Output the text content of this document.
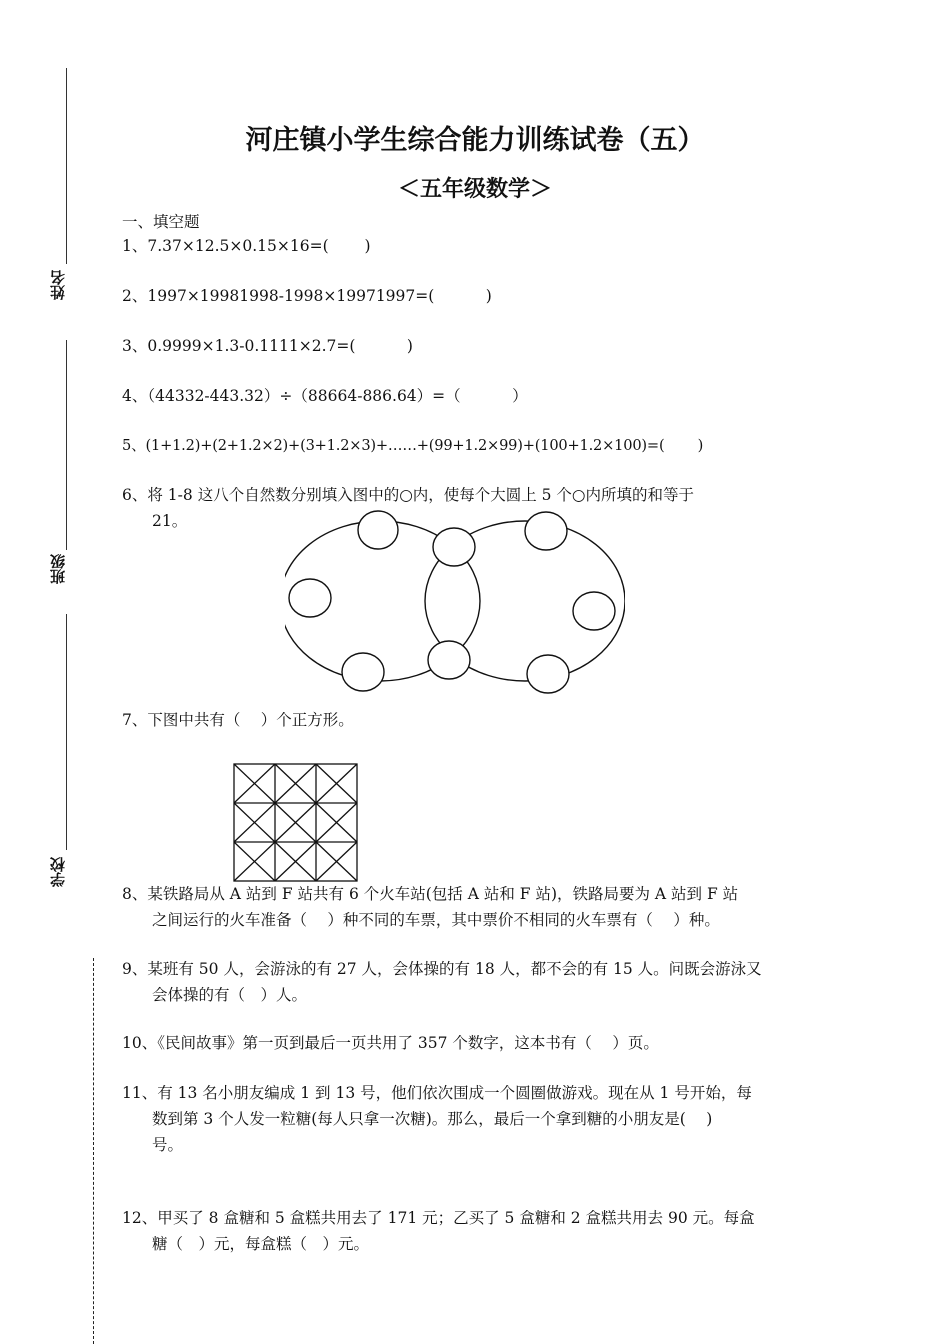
姓名
班级
学校
河庄镇小学生综合能力训练试卷（五）
＜五年级数学＞
一、填空题
1、7.37×12.5×0.15×16=(　　 )
2、1997×19981998-1998×19971997=(　　　 )
3、0.9999×1.3-0.1111×2.7=(　　　 )
4、（44332-443.32）÷（88664-886.64）=（　　　 ）
5、(1+1.2)+(2+1.2×2)+(3+1.2×3)+……+(99+1.2×99)+(100+1.2×100)=(　　 )
6、将 1-8 这八个自然数分别填入图中的○内，使每个大圆上 5 个○内所填的和等于
21。
7、下图中共有（　 ）个正方形。
8、某铁路局从 A 站到 F 站共有 6 个火车站(包括 A 站和 F 站)，铁路局要为 A 站到 F 站
之间运行的火车准备（　 ）种不同的车票，其中票价不相同的火车票有（　 ）种。
9、某班有 50 人，会游泳的有 27 人，会体操的有 18 人，都不会的有 15 人。问既会游泳又
会体操的有（　）人。
10、《民间故事》第一页到最后一页共用了 357 个数字，这本书有（　 ）页。
11、有 13 名小朋友编成 1 到 13 号，他们依次围成一个圆圈做游戏。现在从 1 号开始，每
数到第 3 个人发一粒糖(每人只拿一次糖)。那么，最后一个拿到糖的小朋友是(　 )
号。
12、甲买了 8 盒糖和 5 盒糕共用去了 171 元；乙买了 5 盒糖和 2 盒糕共用去 90 元。每盒
糖（　）元，每盒糕（　）元。
